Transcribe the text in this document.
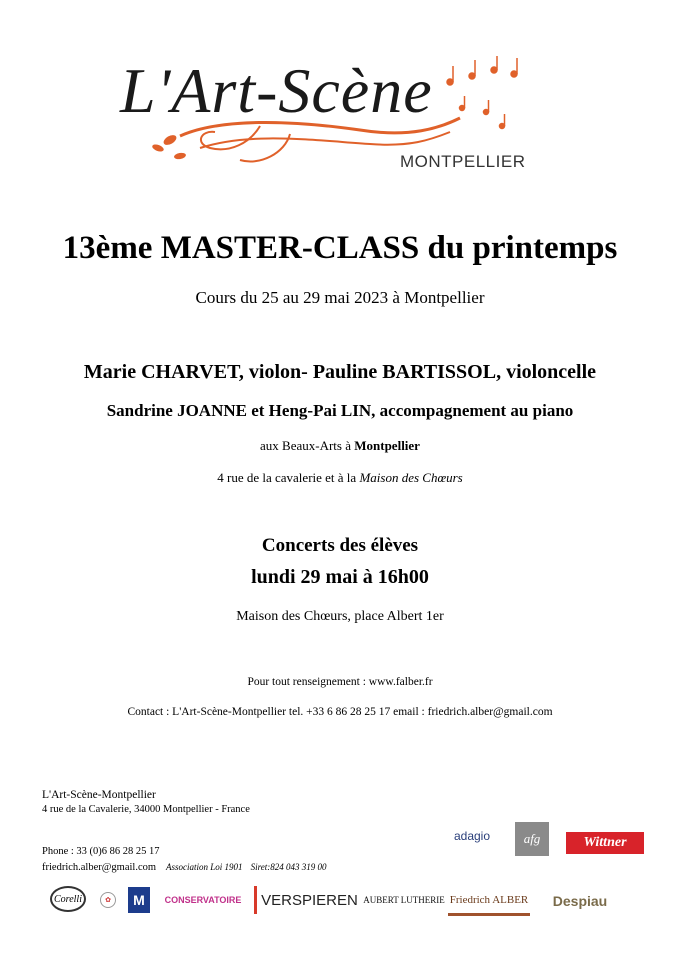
L'Art-Scène
MONTPELLIER
13ème MASTER-CLASS du printemps
Cours du 25 au 29 mai 2023 à Montpellier
Marie CHARVET, violon- Pauline BARTISSOL, violoncelle
Sandrine JOANNE et Heng-Pai LIN, accompagnement au piano
aux Beaux-Arts à Montpellier
4 rue de la cavalerie et à la Maison des Chœurs
Concerts des élèves
lundi 29 mai à 16h00
Maison des Chœurs, place Albert 1er
Pour tout renseignement : www.falber.fr
Contact : L'Art-Scène-Montpellier tel. +33 6 86 28 25 17 email : friedrich.alber@gmail.com
L'Art-Scène-Montpellier
4 rue de la Cavalerie, 34000 Montpellier - France
Phone : 33 (0)6 86 28 25 17
friedrich.alber@gmail.com Association Loi 1901 Siret:824 043 319 00
adagio	afg	Wittner
Corelli	✿	M	CONSERVATOIRE	VERSPIEREN AUBERT LUTHERIE Friedrich ALBER	Despiau
